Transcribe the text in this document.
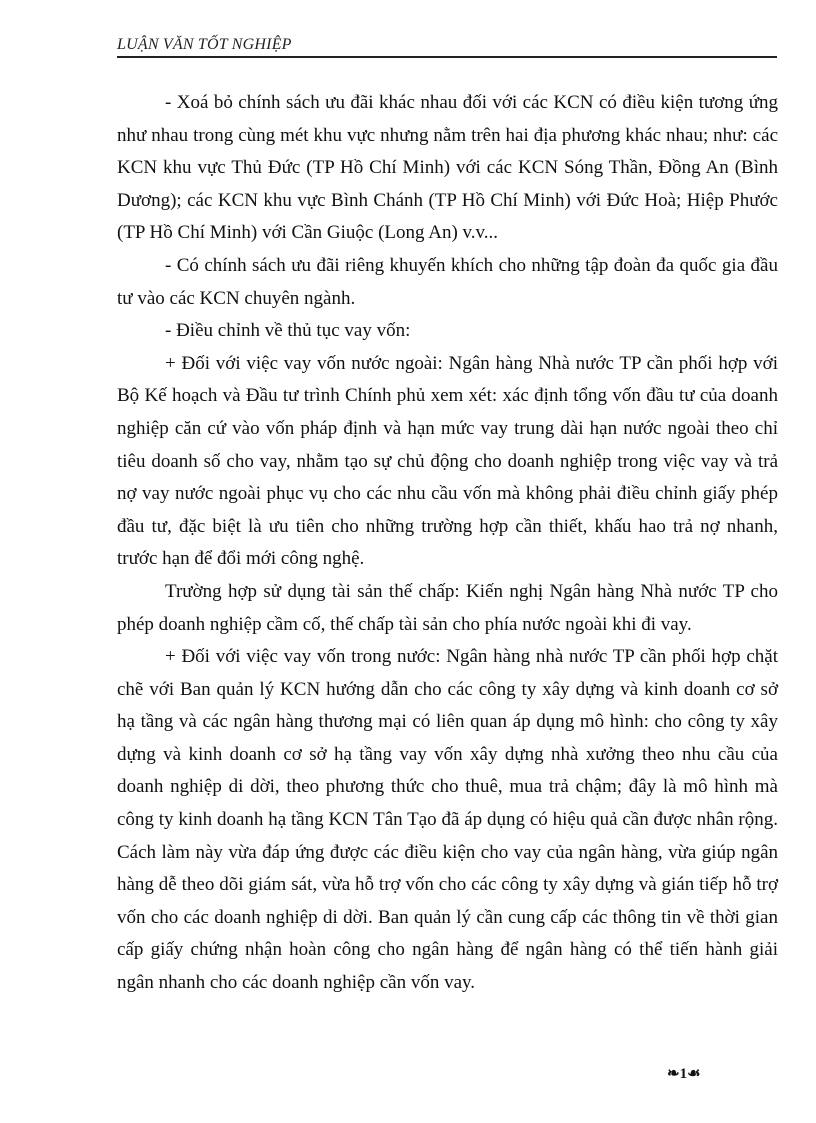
LUẬN VĂN TỐT NGHIỆP

- Xoá bỏ chính sách ưu đãi khác nhau đối với các KCN có điều kiện tương ứng như nhau trong cùng mét khu vực nhưng nằm trên hai địa phương khác nhau; như: các KCN khu vực Thủ Đức (TP Hồ Chí Minh) với các KCN Sóng Thần, Đồng An (Bình Dương); các KCN khu vực Bình Chánh (TP Hồ Chí Minh) với Đức Hoà; Hiệp Phước (TP Hồ Chí Minh) với Cần Giuộc (Long An) v.v...

- Có chính sách ưu đãi riêng khuyến khích cho những tập đoàn đa quốc gia đầu tư vào các KCN chuyên ngành.

- Điều chỉnh về thủ tục vay vốn:

+ Đối với việc vay vốn nước ngoài: Ngân hàng Nhà nước TP cần phối hợp với Bộ Kế hoạch và Đầu tư trình Chính phủ xem xét: xác định tổng vốn đầu tư của doanh nghiệp căn cứ vào vốn pháp định và hạn mức vay trung dài hạn nước ngoài theo chỉ tiêu doanh số cho vay, nhằm tạo sự chủ động cho doanh nghiệp trong việc vay và trả nợ vay nước ngoài phục vụ cho các nhu cầu vốn mà không phải điều chỉnh giấy phép đầu tư, đặc biệt là ưu tiên cho những trường hợp cần thiết, khấu hao trả nợ nhanh, trước hạn để đổi mới công nghệ.

Trường hợp sử dụng tài sản thế chấp: Kiến nghị Ngân hàng Nhà nước TP cho phép doanh nghiệp cầm cố, thế chấp tài sản cho phía nước ngoài khi đi vay.

+ Đối với việc vay vốn trong nước: Ngân hàng nhà nước TP cần phối hợp chặt chẽ với Ban quản lý KCN hướng dẫn cho các công ty xây dựng và kinh doanh cơ sở hạ tầng và các ngân hàng thương mại có liên quan áp dụng mô hình: cho công ty xây dựng và kinh doanh cơ sở hạ tầng vay vốn xây dựng nhà xưởng theo nhu cầu của doanh nghiệp di dời, theo phương thức cho thuê, mua trả chậm; đây là mô hình mà công ty kinh doanh hạ tầng KCN Tân Tạo đã áp dụng có hiệu quả cần được nhân rộng. Cách làm này vừa đáp ứng được các điều kiện cho vay của ngân hàng, vừa giúp ngân hàng dễ theo dõi giám sát, vừa hỗ trợ vốn cho các công ty xây dựng và gián tiếp hỗ trợ vốn cho các doanh nghiệp di dời. Ban quản lý cần cung cấp các thông tin về thời gian cấp giấy chứng nhận hoàn công cho ngân hàng để ngân hàng có thể tiến hành giải ngân nhanh cho các doanh nghiệp cần vốn vay.

❧1☙
